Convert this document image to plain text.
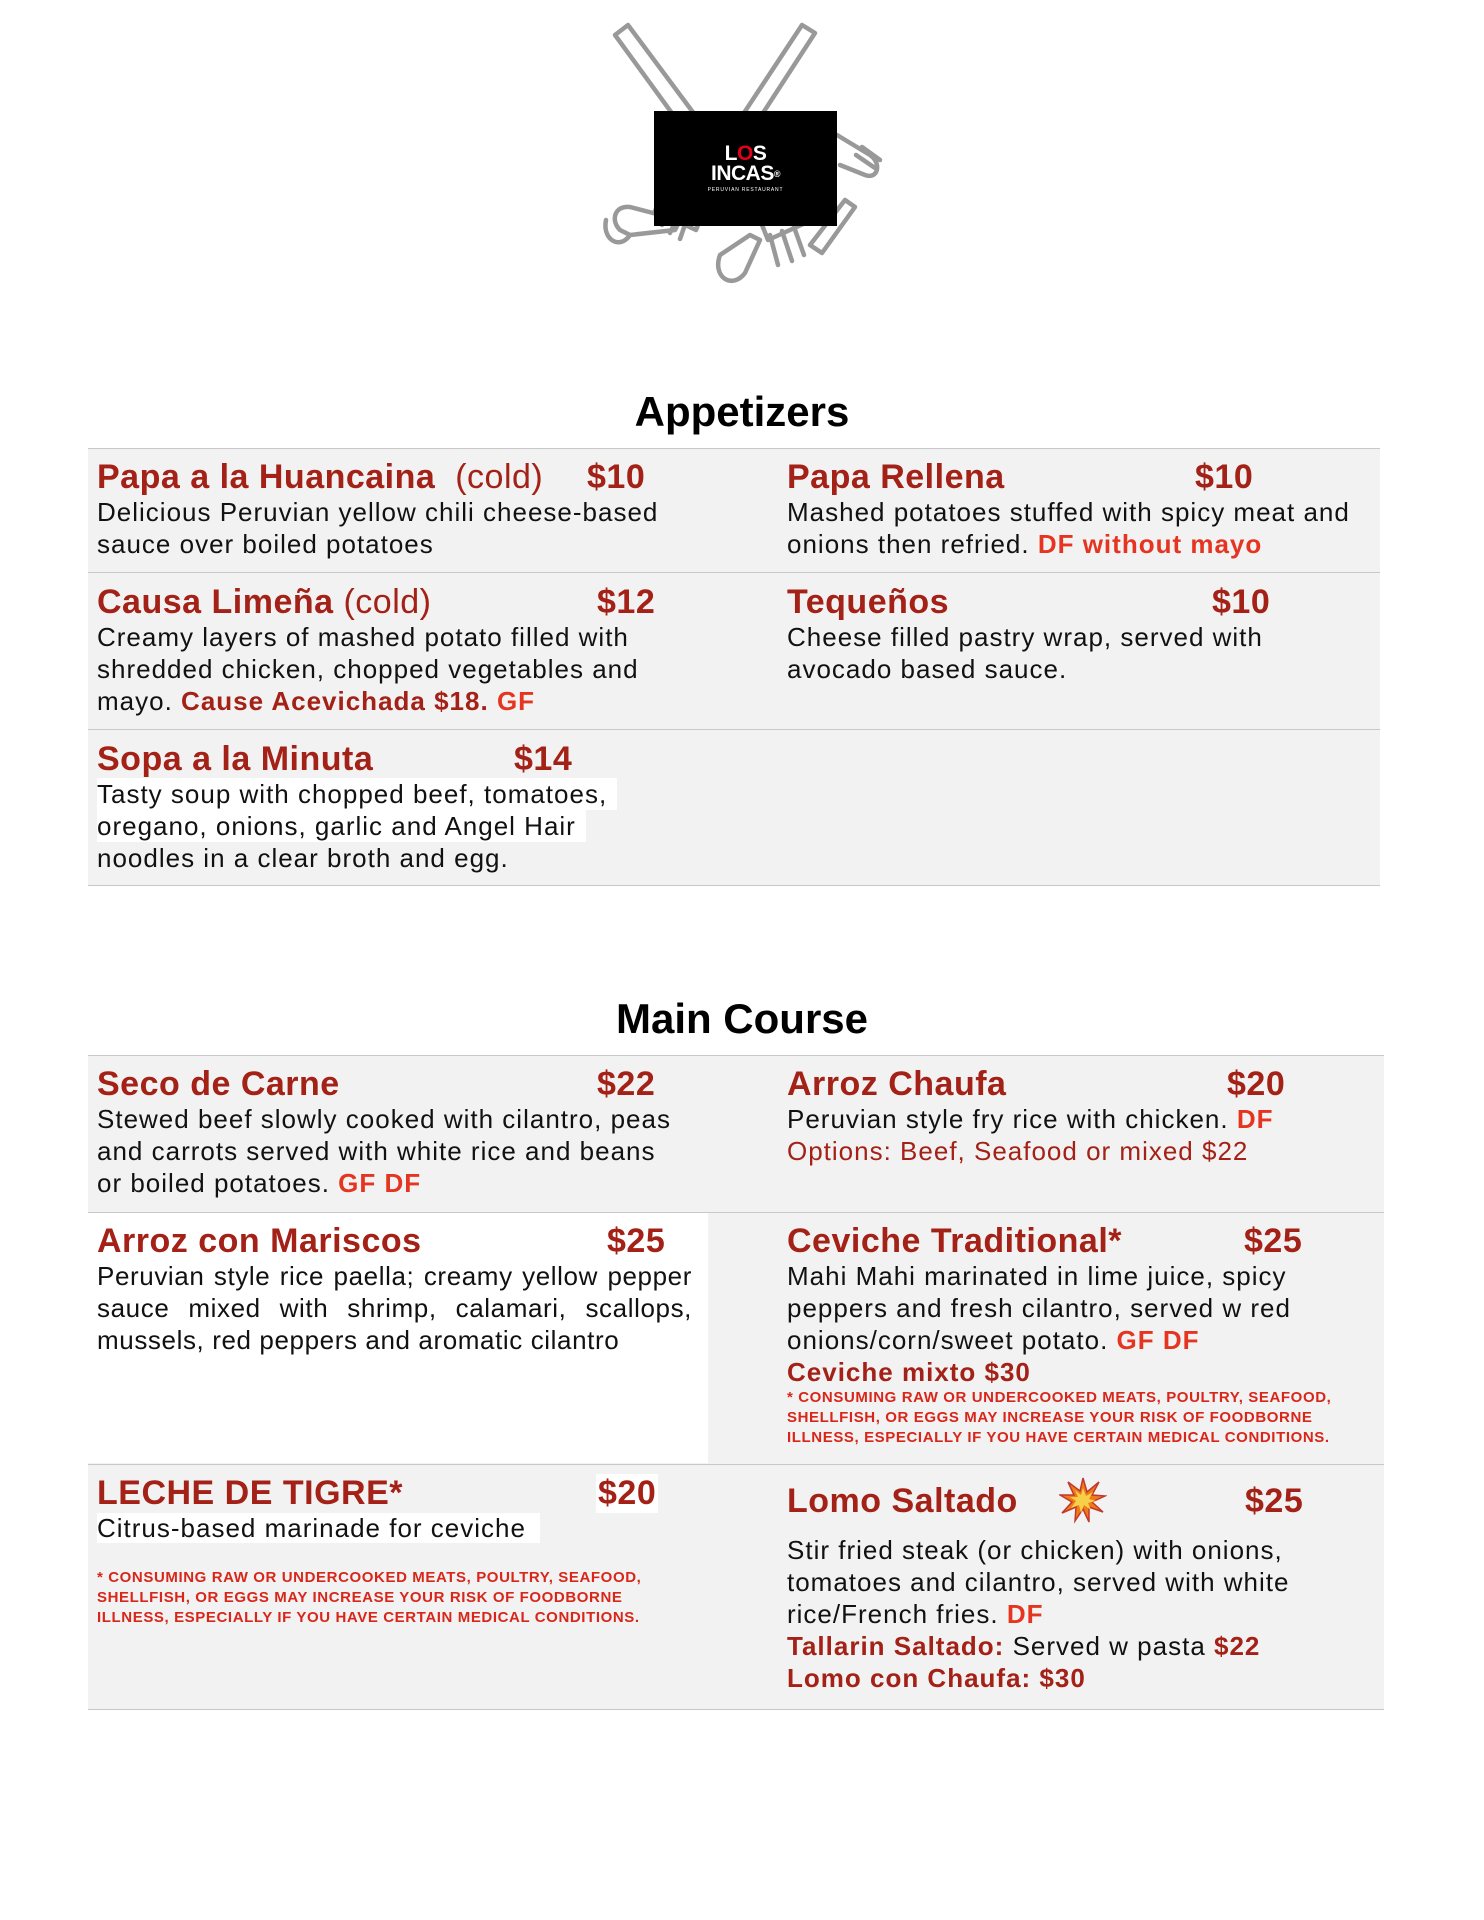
LOS
INCAS®
PERUVIAN RESTAURANT
Appetizers
Papa a la Huancaina (cold) $10
Delicious Peruvian yellow chili cheese-based sauce over boiled potatoes
Papa Rellena	$10
Mashed potatoes stuffed with spicy meat and onions then refried. DF without mayo
Causa Limeña (cold)	$12
Creamy layers of mashed potato filled with shredded chicken, chopped vegetables and mayo. Cause Acevichada $18. GF
Tequeños	$10
Cheese filled pastry wrap, served with avocado based sauce.
Sopa a la Minuta	$14
Tasty soup with chopped beef, tomatoes,
oregano, onions, garlic and Angel Hair
noodles in a clear broth and egg.
Main Course
Seco de Carne	$22
Stewed beef slowly cooked with cilantro, peas and carrots served with white rice and beans or boiled potatoes. GF DF
Arroz Chaufa	$20
Peruvian style fry rice with chicken. DF
Options: Beef, Seafood or mixed $22
Arroz con Mariscos	$25
Peruvian style rice paella; creamy yellow pepper sauce mixed with shrimp, calamari, scallops, mussels, red peppers and aromatic cilantro
Ceviche Traditional*	$25
Mahi Mahi marinated in lime juice, spicy peppers and fresh cilantro, served w red onions/corn/sweet potato. GF DF
Ceviche mixto $30
* CONSUMING RAW OR UNDERCOOKED MEATS, POULTRY, SEAFOOD, SHELLFISH, OR EGGS MAY INCREASE YOUR RISK OF FOODBORNE ILLNESS, ESPECIALLY IF YOU HAVE CERTAIN MEDICAL CONDITIONS.
LECHE DE TIGRE*	$20
Citrus-based marinade for ceviche
* CONSUMING RAW OR UNDERCOOKED MEATS, POULTRY, SEAFOOD, SHELLFISH, OR EGGS MAY INCREASE YOUR RISK OF FOODBORNE ILLNESS, ESPECIALLY IF YOU HAVE CERTAIN MEDICAL CONDITIONS.
Lomo Saltado	$25
Stir fried steak (or chicken) with onions, tomatoes and cilantro, served with white rice/French fries. DF
Tallarin Saltado: Served w pasta $22
Lomo con Chaufa: $30
